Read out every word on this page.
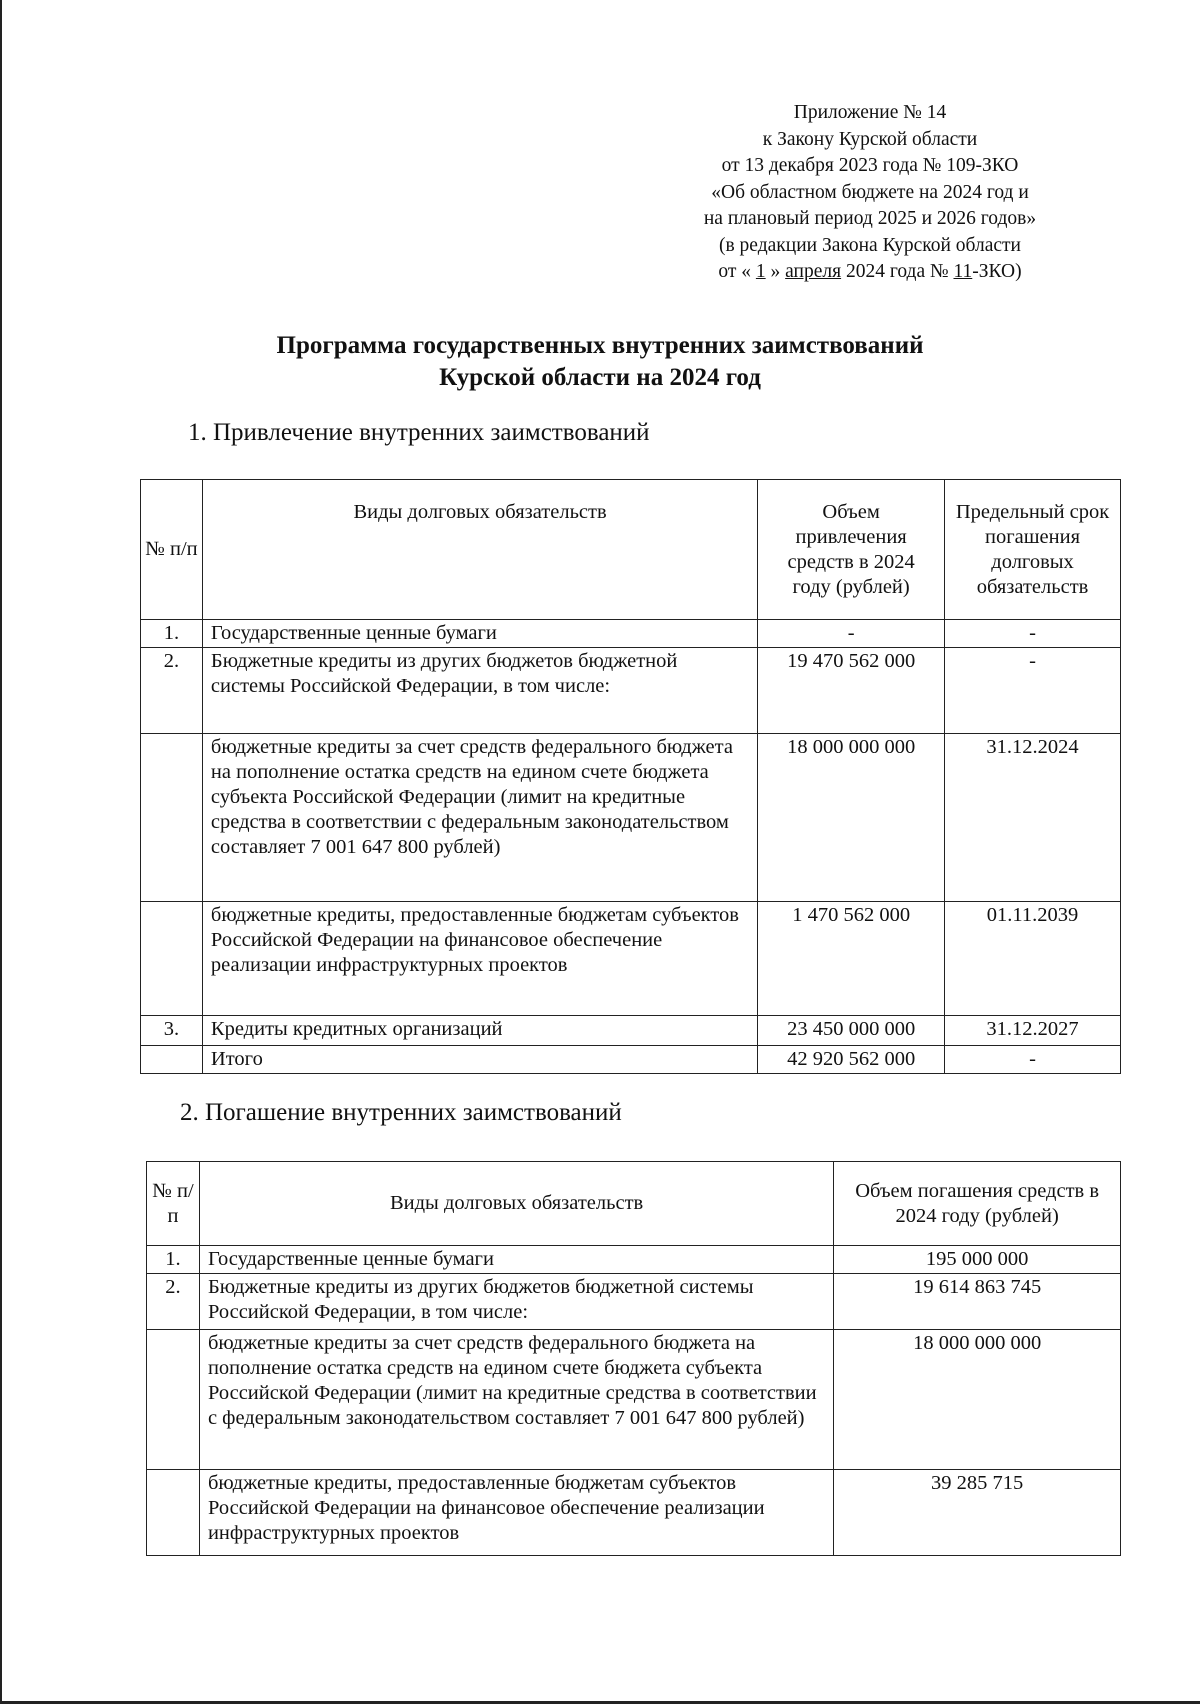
Приложение № 14
к Закону Курской области
от 13 декабря 2023 года № 109-ЗКО
«Об областном бюджете на 2024 год и
на плановый период 2025 и 2026 годов»
(в редакции Закона Курской области
от « 1 » апреля 2024 года № 11-ЗКО)
Программа государственных внутренних заимствований
Курской области на 2024 год
1. Привлечение внутренних заимствований
№ п/п	Виды долговых обязательств	Объем привлечения средств в 2024 году (рублей)	Предельный срок погашения долговых обязательств
1.	Государственные ценные бумаги	-	-
2.	Бюджетные кредиты из других бюджетов бюджетной системы Российской Федерации, в том числе:	19 470 562 000	-
	бюджетные кредиты за счет средств федерального бюджета на пополнение остатка средств на едином счете бюджета субъекта Российской Федерации (лимит на кредитные средства в соответствии с федеральным законодательством составляет 7 001 647 800 рублей)	18 000 000 000	31.12.2024
	бюджетные кредиты, предоставленные бюджетам субъектов Российской Федерации на финансовое обеспечение реализации инфраструктурных проектов	1 470 562 000	01.11.2039
3.	Кредиты кредитных организаций	23 450 000 000	31.12.2027
	Итого	42 920 562 000	-
2. Погашение внутренних заимствований
№ п/п	Виды долговых обязательств	Объем погашения средств в 2024 году (рублей)
1.	Государственные ценные бумаги	195 000 000
2.	Бюджетные кредиты из других бюджетов бюджетной системы Российской Федерации, в том числе:	19 614 863 745
	бюджетные кредиты за счет средств федерального бюджета на пополнение остатка средств на едином счете бюджета субъекта Российской Федерации (лимит на кредитные средства в соответствии с федеральным законодательством составляет 7 001 647 800 рублей)	18 000 000 000
	бюджетные кредиты, предоставленные бюджетам субъектов Российской Федерации на финансовое обеспечение реализации инфраструктурных проектов	39 285 715
